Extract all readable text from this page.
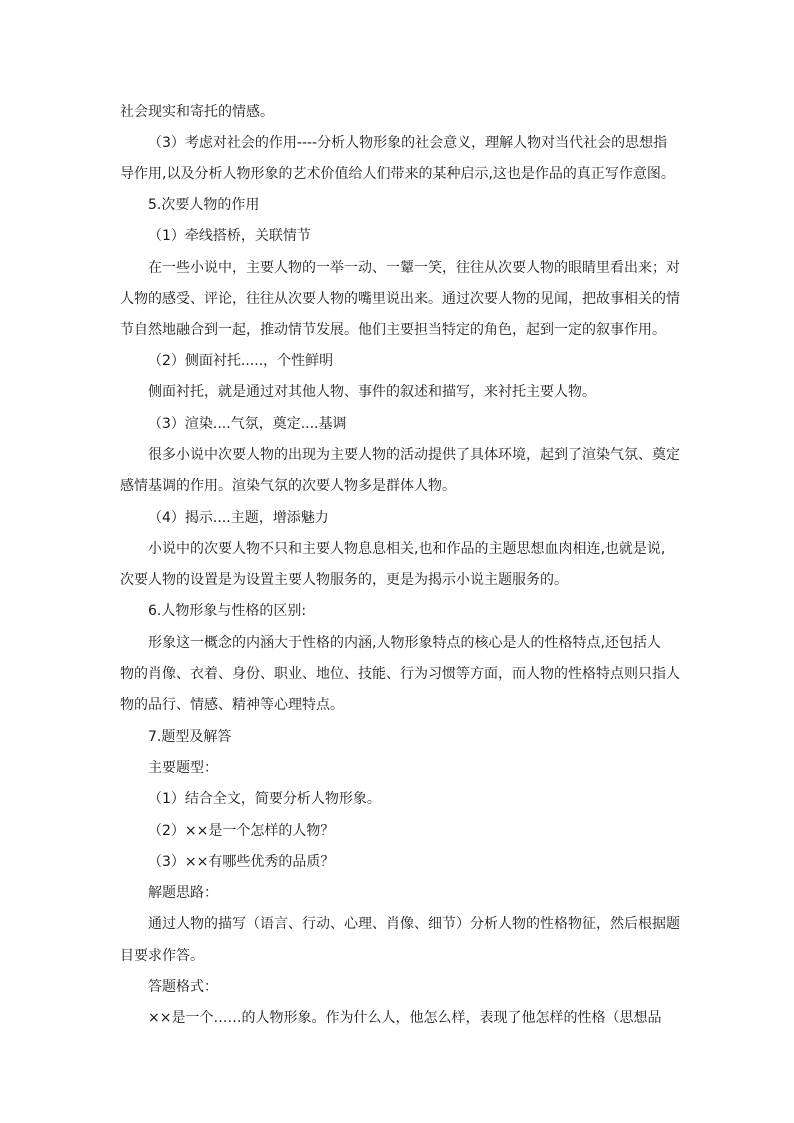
社会现实和寄托的情感。
（3）考虑对社会的作用----分析人物形象的社会意义，理解人物对当代社会的思想指
导作用,以及分析人物形象的艺术价值给人们带来的某种启示,这也是作品的真正写作意图。
5.次要人物的作用
（1）牵线搭桥，关联情节
在一些小说中，主要人物的一举一动、一颦一笑，往往从次要人物的眼睛里看出来；对
人物的感受、评论，往往从次要人物的嘴里说出来。通过次要人物的见闻，把故事相关的情
节自然地融合到一起，推动情节发展。他们主要担当特定的角色，起到一定的叙事作用。
（2）侧面衬托.....，个性鲜明
侧面衬托，就是通过对其他人物、事件的叙述和描写，来衬托主要人物。
（3）渲染....气氛，奠定....基调
很多小说中次要人物的出现为主要人物的活动提供了具体环境，起到了渲染气氛、奠定
感情基调的作用。渲染气氛的次要人物多是群体人物。
（4）揭示....主题，增添魅力
小说中的次要人物不只和主要人物息息相关,也和作品的主题思想血肉相连,也就是说,
次要人物的设置是为设置主要人物服务的，更是为揭示小说主题服务的。
6.人物形象与性格的区别:
形象这一概念的内涵大于性格的内涵,人物形象特点的核心是人的性格特点,还包括人
物的肖像、衣着、身份、职业、地位、技能、行为习惯等方面，而人物的性格特点则只指人
物的品行、情感、精神等心理特点。
7.题型及解答
主要题型：
（1）结合全文，简要分析人物形象。
（2）××是一个怎样的人物？
（3）××有哪些优秀的品质？
解题思路：
通过人物的描写（语言、行动、心理、肖像、细节）分析人物的性格物征，然后根据题
目要求作答。
答题格式：
××是一个……的人物形象。作为什么人，他怎么样，表现了他怎样的性格（思想品
